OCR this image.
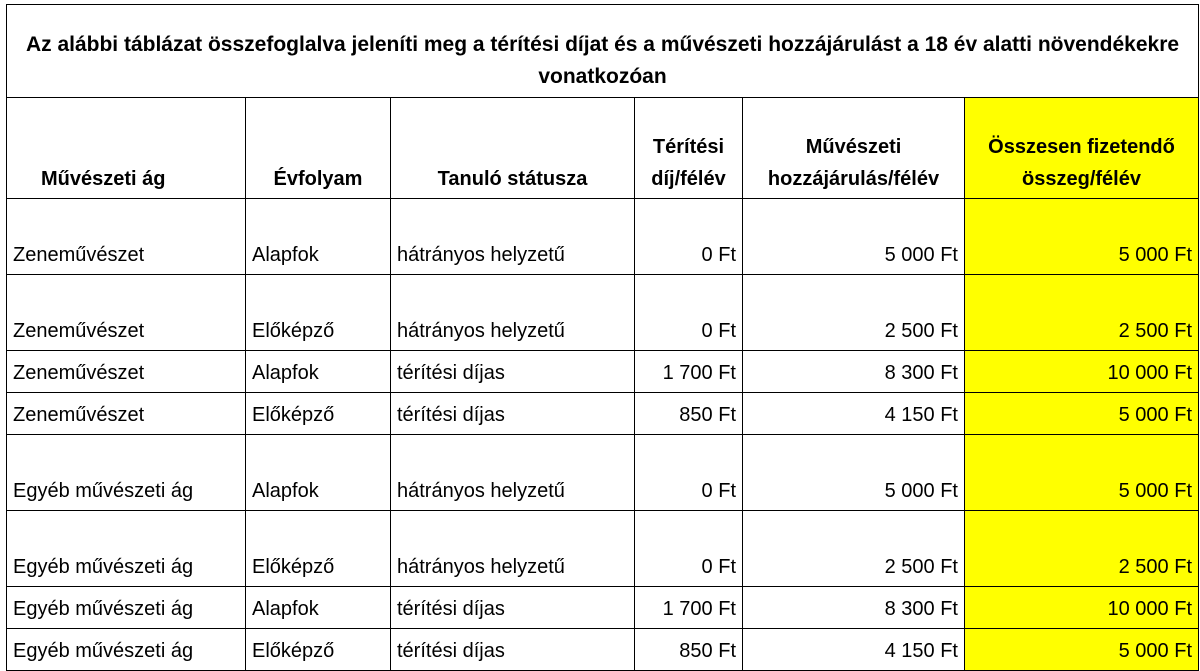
Az alábbi táblázat összefoglalva jeleníti meg a térítési díjat és a művészeti hozzájárulást a 18 év alatti növendékekre vonatkozóan					
Művészeti ág	Évfolyam	Tanuló státusza	Térítési díj/félév	Művészeti hozzájárulás/félév	Összesen fizetendő összeg/félév
Zeneművészet	Alapfok	hátrányos helyzetű	0 Ft	5 000 Ft	5 000 Ft
Zeneművészet	Előképző	hátrányos helyzetű	0 Ft	2 500 Ft	2 500 Ft
Zeneművészet	Alapfok	térítési díjas	1 700 Ft	8 300 Ft	10 000 Ft
Zeneművészet	Előképző	térítési díjas	850 Ft	4 150 Ft	5 000 Ft
Egyéb művészeti ág	Alapfok	hátrányos helyzetű	0 Ft	5 000 Ft	5 000 Ft
Egyéb művészeti ág	Előképző	hátrányos helyzetű	0 Ft	2 500 Ft	2 500 Ft
Egyéb művészeti ág	Alapfok	térítési díjas	1 700 Ft	8 300 Ft	10 000 Ft
Egyéb művészeti ág	Előképző	térítési díjas	850 Ft	4 150 Ft	5 000 Ft
